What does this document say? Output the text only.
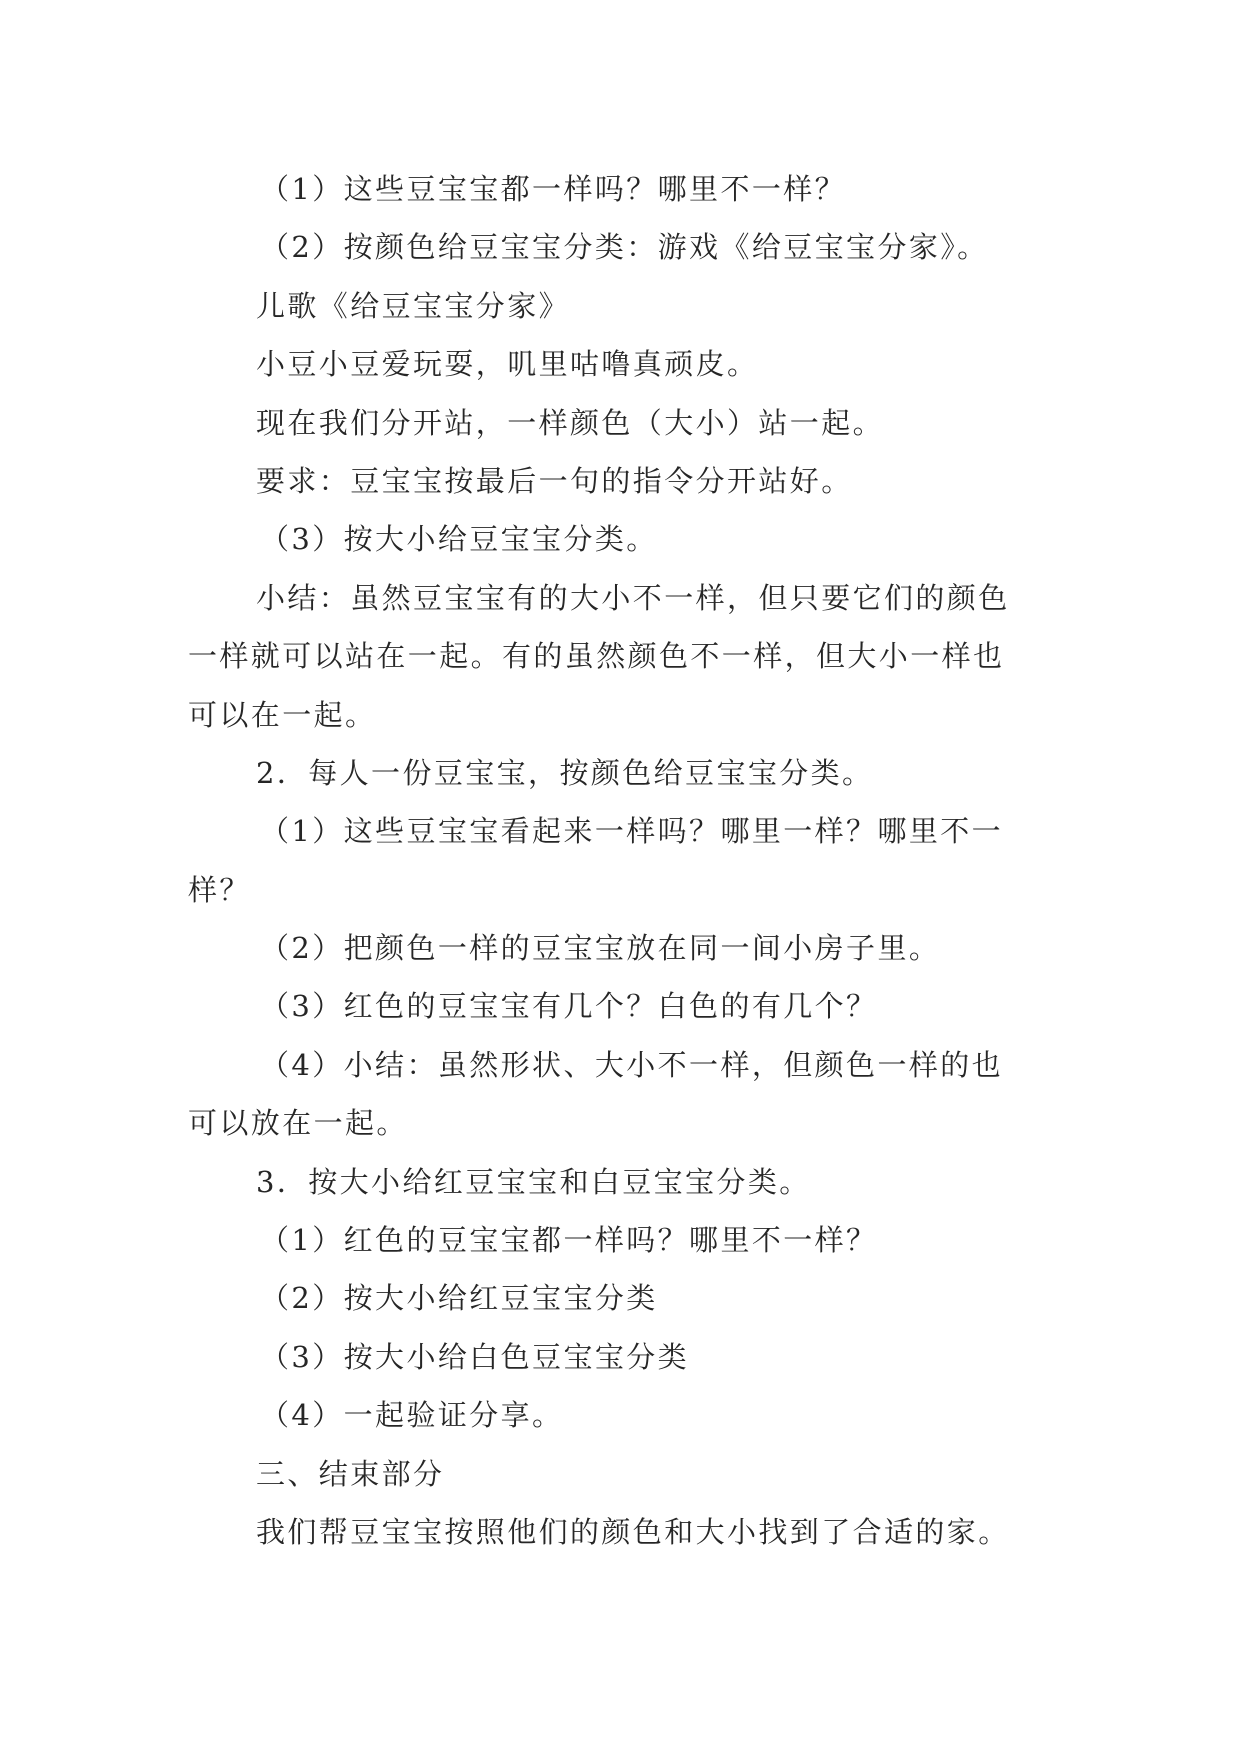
（1）这些豆宝宝都一样吗？哪里不一样？
（2）按颜色给豆宝宝分类：游戏《给豆宝宝分家》。
儿歌《给豆宝宝分家》
小豆小豆爱玩耍，叽里咕噜真顽皮。
现在我们分开站，一样颜色（大小）站一起。
要求：豆宝宝按最后一句的指令分开站好。
（3）按大小给豆宝宝分类。
小结：虽然豆宝宝有的大小不一样，但只要它们的颜色
一样就可以站在一起。有的虽然颜色不一样，但大小一样也
可以在一起。
2．每人一份豆宝宝，按颜色给豆宝宝分类。
（1）这些豆宝宝看起来一样吗？哪里一样？哪里不一
样？
（2）把颜色一样的豆宝宝放在同一间小房子里。
（3）红色的豆宝宝有几个？白色的有几个？
（4）小结：虽然形状、大小不一样，但颜色一样的也
可以放在一起。
3．按大小给红豆宝宝和白豆宝宝分类。
（1）红色的豆宝宝都一样吗？哪里不一样？
（2）按大小给红豆宝宝分类
（3）按大小给白色豆宝宝分类
（4）一起验证分享。
三、结束部分
我们帮豆宝宝按照他们的颜色和大小找到了合适的家。
